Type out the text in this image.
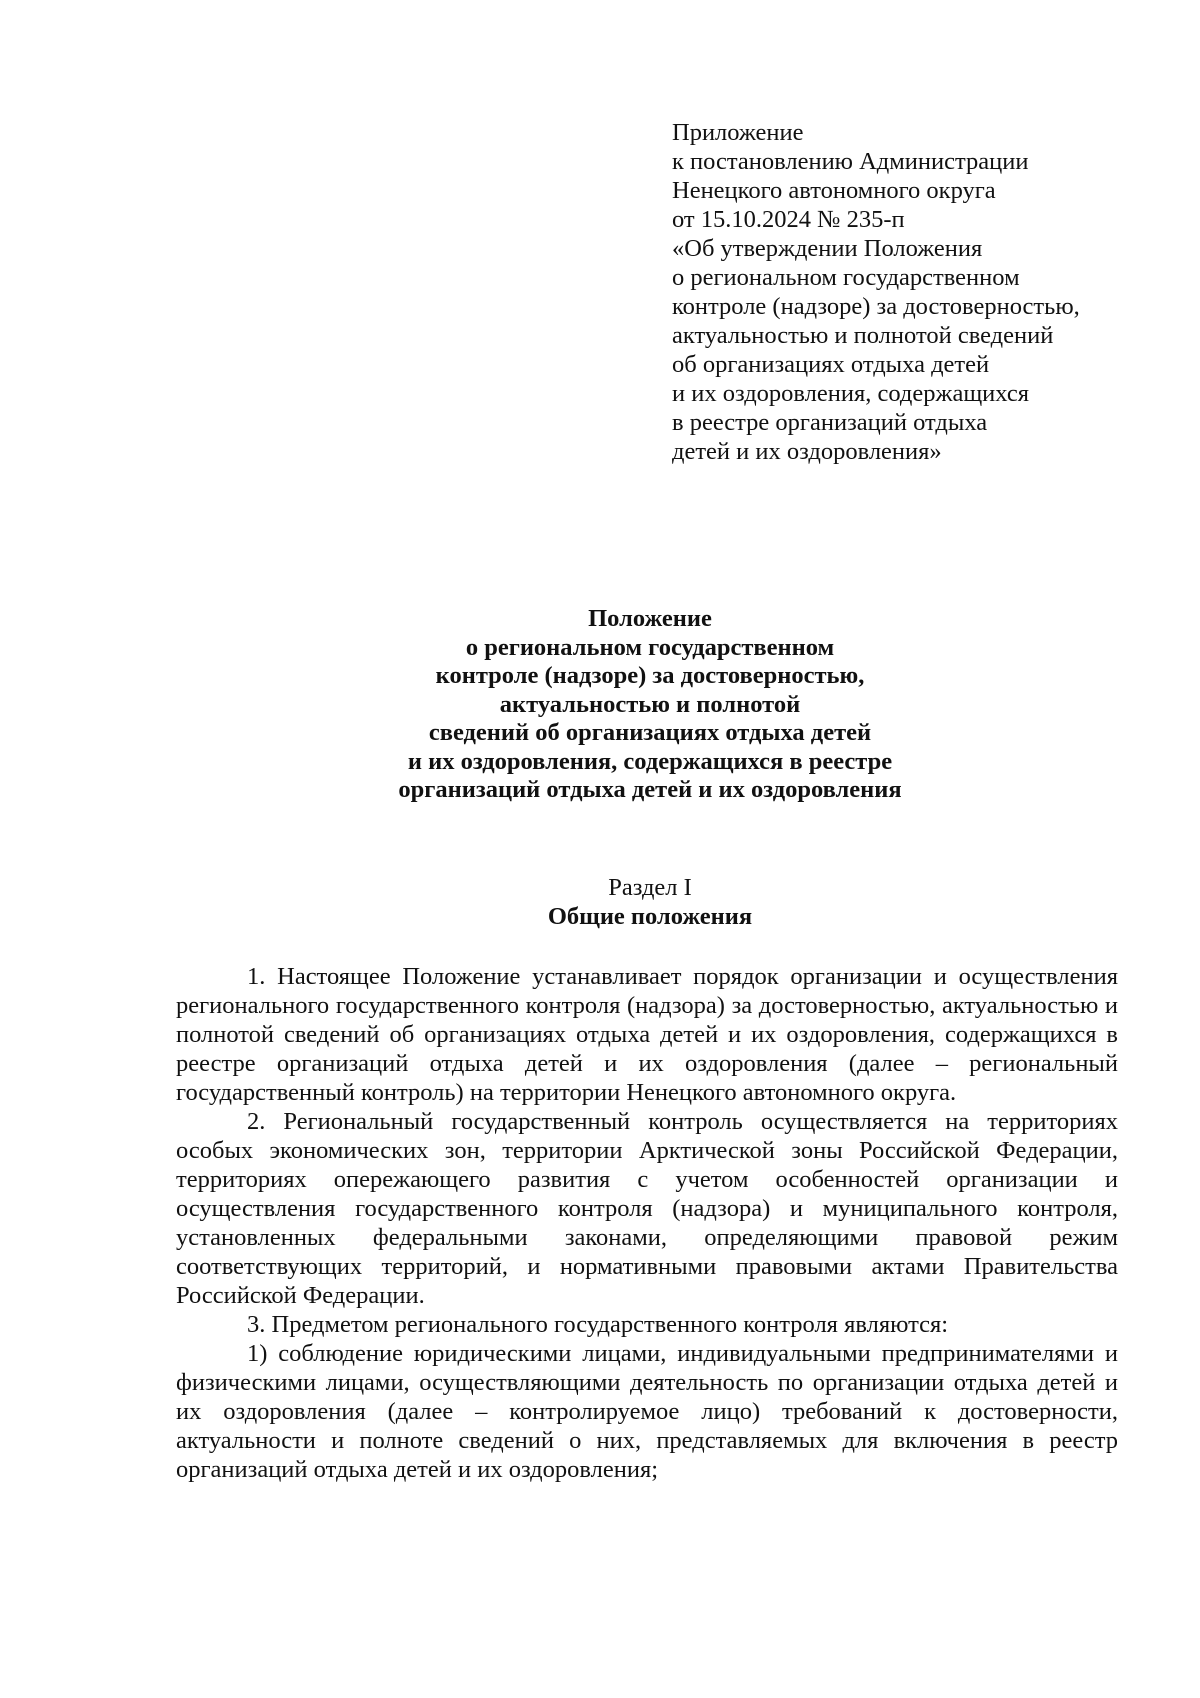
Приложение
к постановлению Администрации
Ненецкого автономного округа
от 15.10.2024 № 235-п
«Об утверждении Положения
о региональном государственном
контроле (надзоре) за достоверностью,
актуальностью и полнотой сведений
об организациях отдыха детей
и их оздоровления, содержащихся
в реестре организаций отдыха
детей и их оздоровления»
Положение
о региональном государственном
контроле (надзоре) за достоверностью,
актуальностью и полнотой
сведений об организациях отдыха детей
и их оздоровления, содержащихся в реестре
организаций отдыха детей и их оздоровления
Раздел I
Общие положения

1. Настоящее Положение устанавливает порядок организации и осуществления регионального государственного контроля (надзора) за достоверностью, актуальностью и полнотой сведений об организациях отдыха детей и их оздоровления, содержащихся в реестре организаций отдыха детей и их оздоровления (далее – региональный государственный контроль) на территории Ненецкого автономного округа.

2. Региональный государственный контроль осуществляется на территориях особых экономических зон, территории Арктической зоны Российской Федерации, территориях опережающего развития с учетом особенностей организации и осуществления государственного контроля (надзора) и муниципального контроля, установленных федеральными законами, определяющими правовой режим соответствующих территорий, и нормативными правовыми актами Правительства Российской Федерации.

3. Предметом регионального государственного контроля являются:

1) соблюдение юридическими лицами, индивидуальными предпринимателями и физическими лицами, осуществляющими деятельность по организации отдыха детей и их оздоровления (далее – контролируемое лицо) требований к достоверности, актуальности и полноте сведений о них, представляемых для включения в реестр организаций отдыха детей и их оздоровления;
